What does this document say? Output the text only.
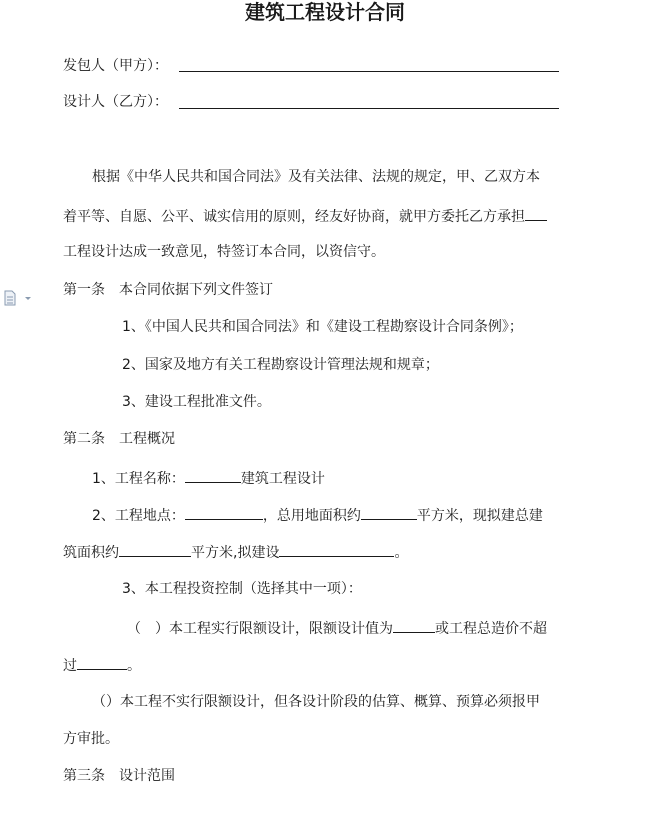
建筑工程设计合同
发包人（甲方）：
设计人（乙方）：
根据《中华人民共和国合同法》及有关法律、法规的规定，甲、乙双方本
着平等、自愿、公平、诚实信用的原则，经友好协商，就甲方委托乙方承担
工程设计达成一致意见，特签订本合同，以资信守。
第一条　本合同依据下列文件签订
1、《中国人民共和国合同法》和《建设工程勘察设计合同条例》；
2、国家及地方有关工程勘察设计管理法规和规章；
3、建设工程批准文件。
第二条　工程概况
1、工程名称：	建筑工程设计
2、工程地点：	，总用地面积约	平方米，现拟建总建
筑面积约	平方米,拟建设	。
3、本工程投资控制（选择其中一项）：
（　）本工程实行限额设计，限额设计值为	或工程总造价不超
过	。
（）本工程不实行限额设计，但各设计阶段的估算、概算、预算必须报甲
方审批。
第三条　设计范围
